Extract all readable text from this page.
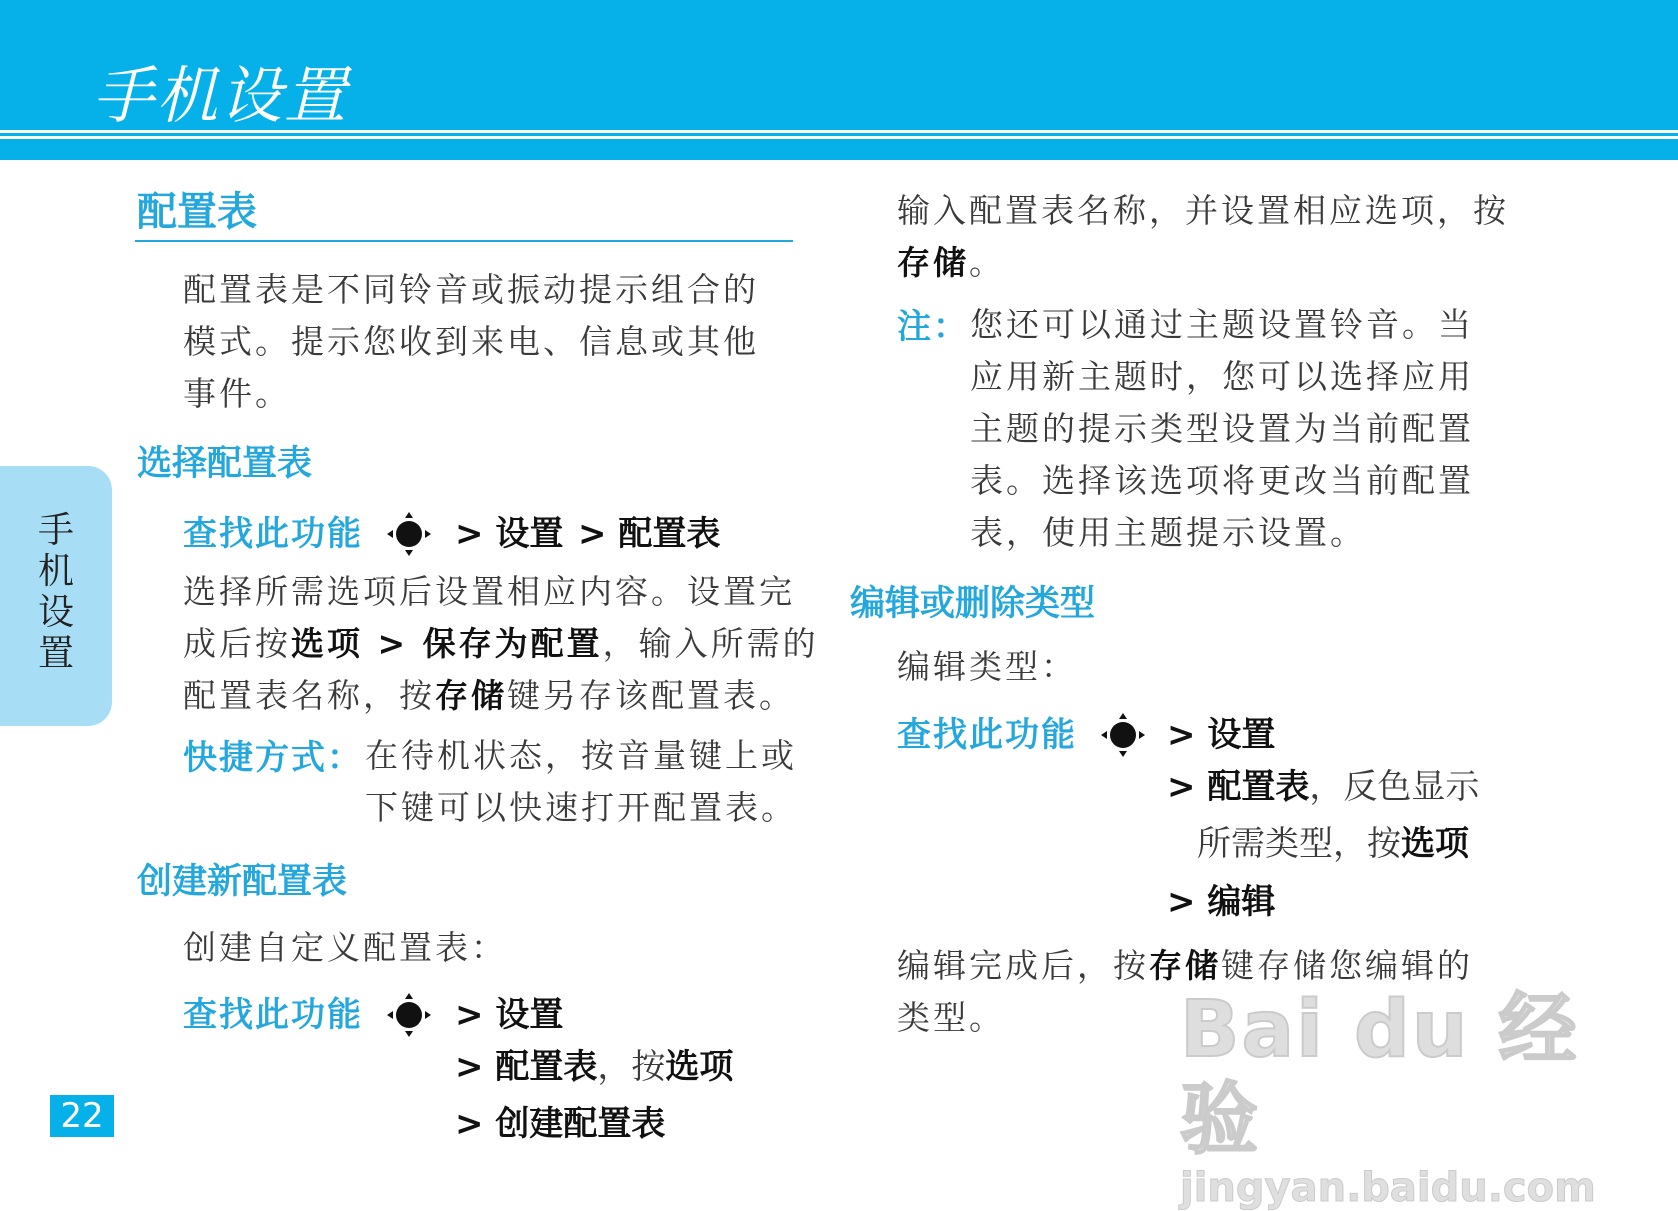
手机设置
手机设置
22
配置表
配置表是不同铃音或振动提示组合的
模式。提示您收到来电、信息或其他
事件。
选择配置表
查找此功能	> 设置 > 配置表
选择所需选项后设置相应内容。设置完
成后按选项 > 保存为配置，输入所需的
配置表名称，按存储键另存该配置表。
快捷方式： 在待机状态，按音量键上或
下键可以快速打开配置表。
创建新配置表
创建自定义配置表：
查找此功能	> 设置
> 配置表，按选项
> 创建配置表
输入配置表名称，并设置相应选项，按
存储。
注： 您还可以通过主题设置铃音。当
应用新主题时，您可以选择应用
主题的提示类型设置为当前配置
表。选择该选项将更改当前配置
表，使用主题提示设置。
编辑或删除类型
编辑类型：
查找此功能	> 设置
> 配置表，反色显示
所需类型，按选项
> 编辑
编辑完成后，按存储键存储您编辑的
类型。	Bai du 经验
jingyan.baidu.com
